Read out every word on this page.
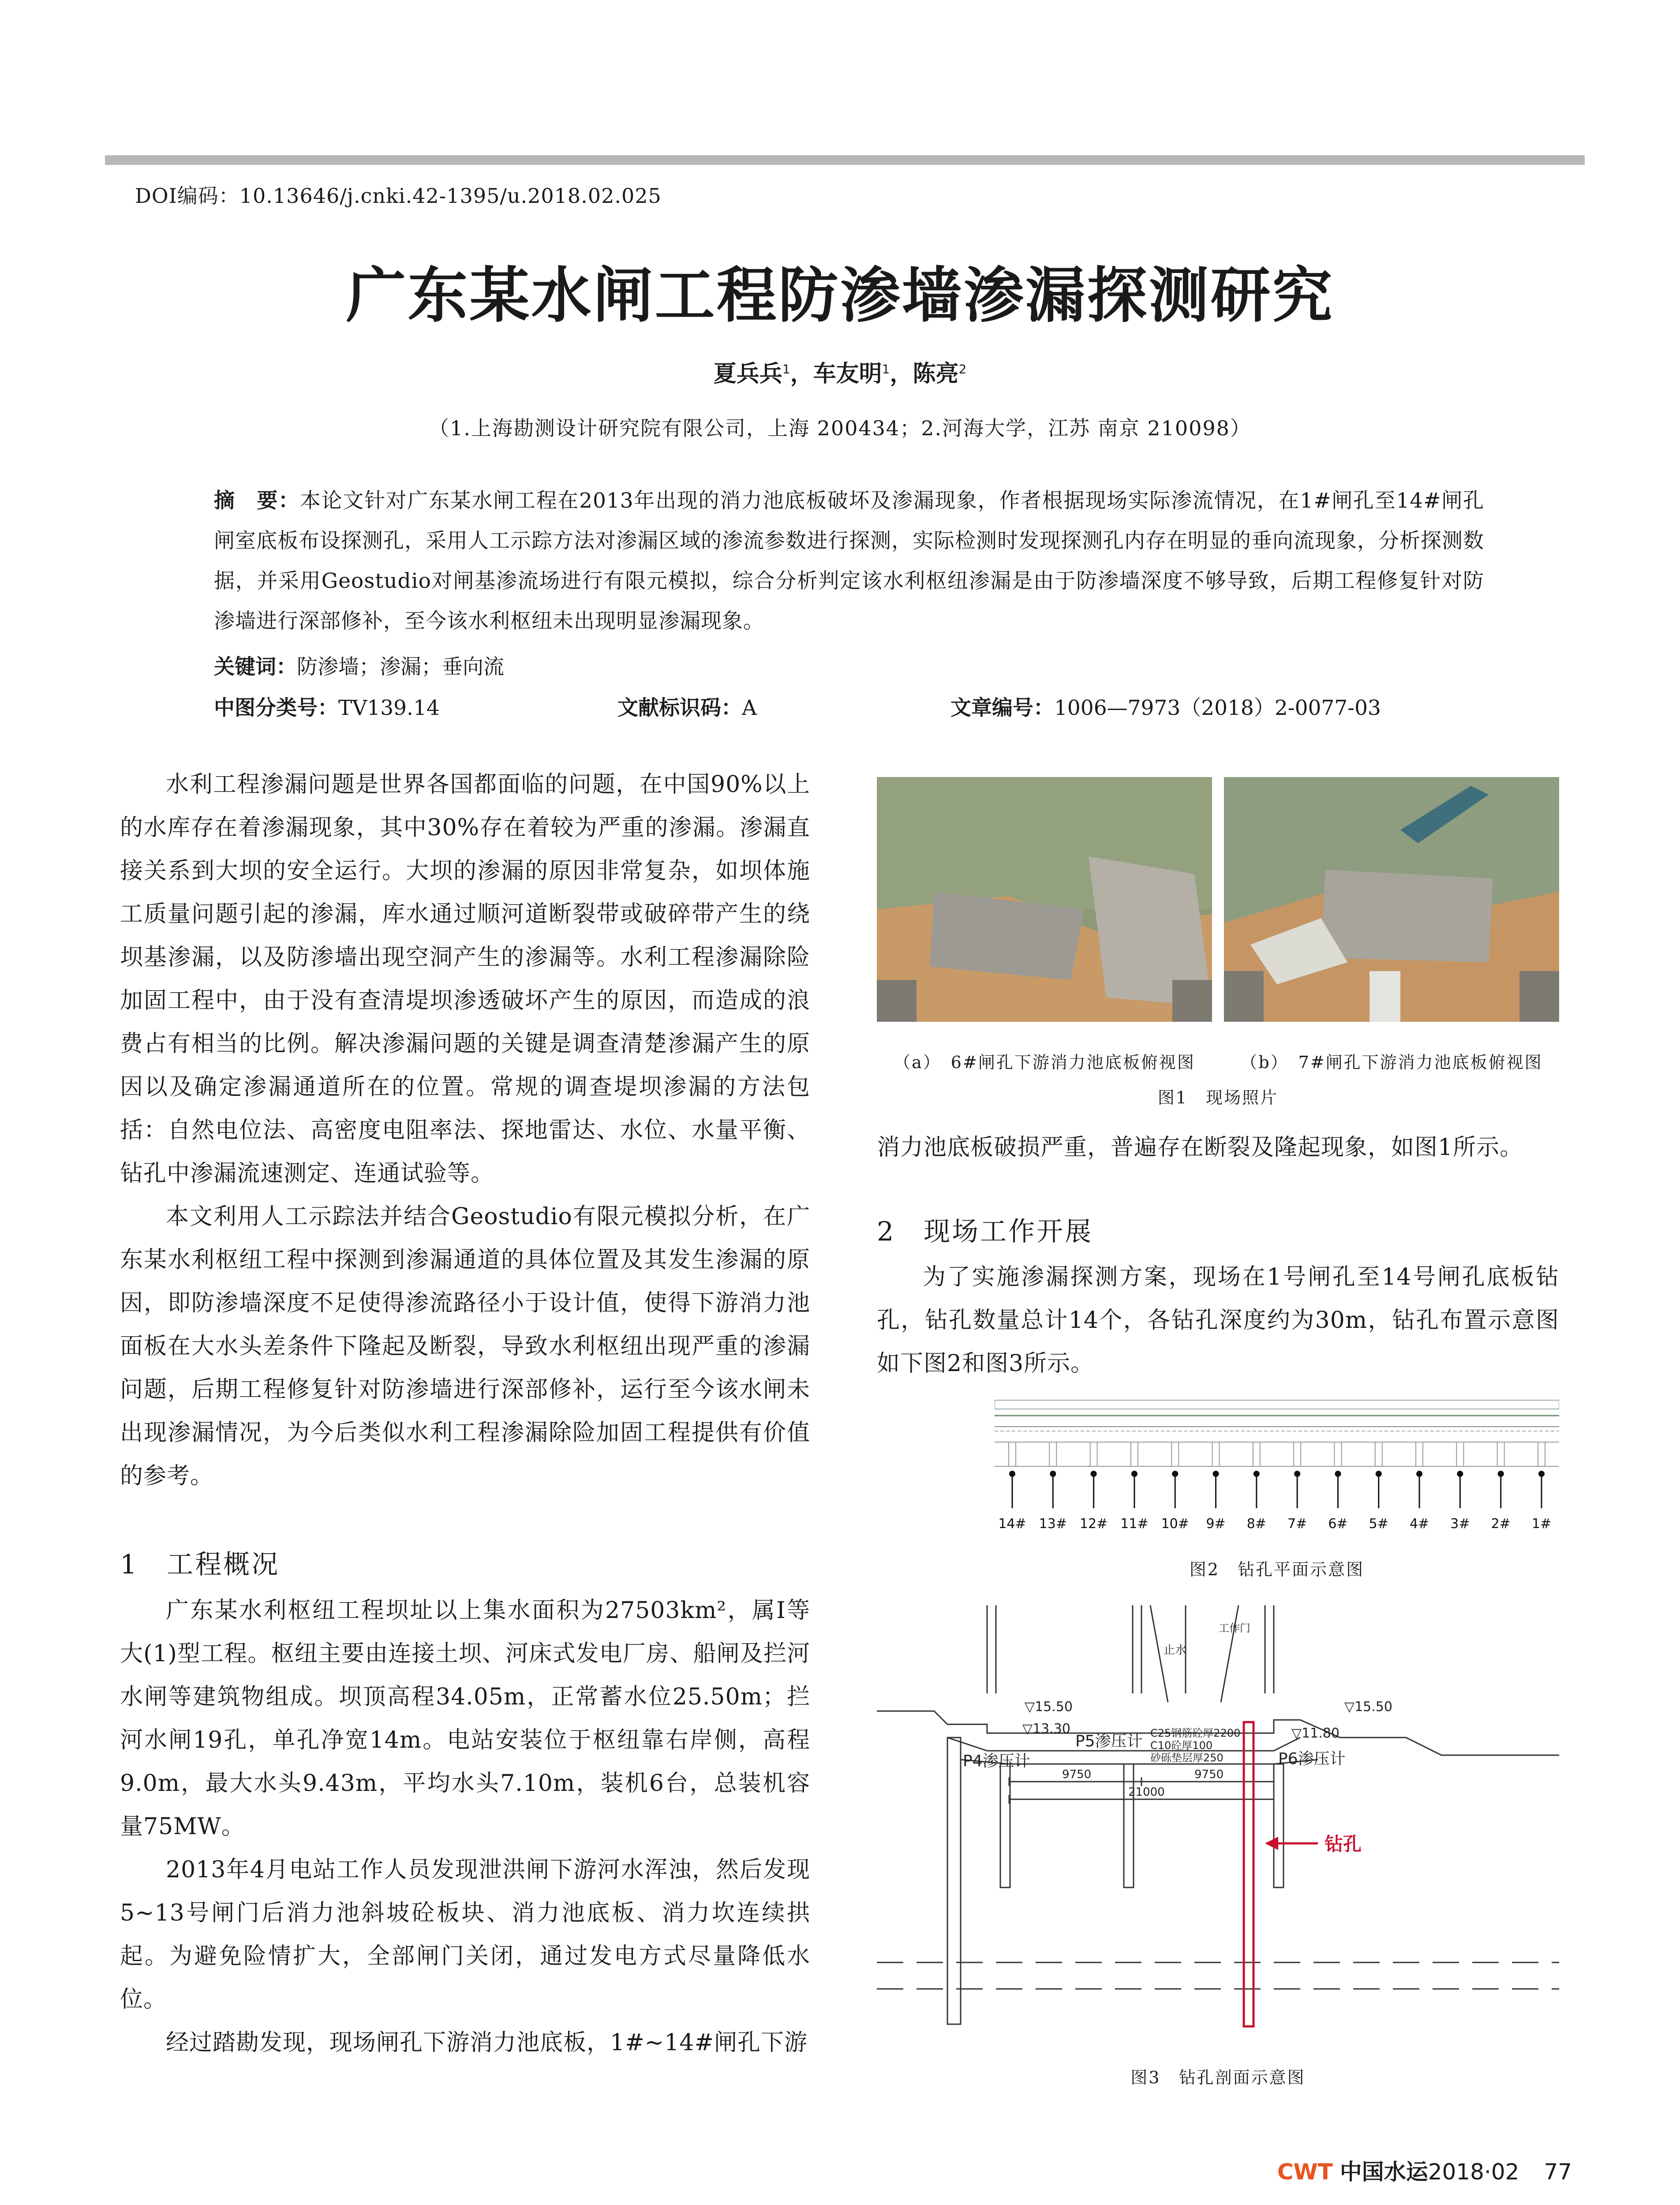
DOI编码：10.13646/j.cnki.42-1395/u.2018.02.025
广东某水闸工程防渗墙渗漏探测研究
夏兵兵$^1$，车友明$^1$，陈亮$^2$
（1.上海勘测设计研究院有限公司，上海 200434；2.河海大学，江苏 南京 210098）
摘　要：本论文针对广东某水闸工程在2013年出现的消力池底板破坏及渗漏现象，作者根据现场实际渗流情况，在1#闸孔至14#闸孔闸室底板布设探测孔，采用人工示踪方法对渗漏区域的渗流参数进行探测，实际检测时发现探测孔内存在明显的垂向流现象，分析探测数据，并采用Geostudio对闸基渗流场进行有限元模拟，综合分析判定该水利枢纽渗漏是由于防渗墙深度不够导致，后期工程修复针对防渗墙进行深部修补，至今该水利枢纽未出现明显渗漏现象。
关键词：防渗墙；渗漏；垂向流
中图分类号：TV139.14	文献标识码：A	文章编号：1006—7973（2018）2-0077-03

水利工程渗漏问题是世界各国都面临的问题，在中国90%以上的水库存在着渗漏现象，其中30%存在着较为严重的渗漏。渗漏直接关系到大坝的安全运行。大坝的渗漏的原因非常复杂，如坝体施工质量问题引起的渗漏，库水通过顺河道断裂带或破碎带产生的绕坝基渗漏，以及防渗墙出现空洞产生的渗漏等。水利工程渗漏除险加固工程中，由于没有查清堤坝渗透破坏产生的原因，而造成的浪费占有相当的比例。解决渗漏问题的关键是调查清楚渗漏产生的原因以及确定渗漏通道所在的位置。常规的调查堤坝渗漏的方法包括：自然电位法、高密度电阻率法、探地雷达、水位、水量平衡、钻孔中渗漏流速测定、连通试验等。

本文利用人工示踪法并结合Geostudio有限元模拟分析，在广东某水利枢纽工程中探测到渗漏通道的具体位置及其发生渗漏的原因，即防渗墙深度不足使得渗流路径小于设计值，使得下游消力池面板在大水头差条件下隆起及断裂，导致水利枢纽出现严重的渗漏问题，后期工程修复针对防渗墙进行深部修补，运行至今该水闸未出现渗漏情况，为今后类似水利工程渗漏除险加固工程提供有价值的参考。

1　工程概况

广东某水利枢纽工程坝址以上集水面积为27503km²，属Ⅰ等大(1)型工程。枢纽主要由连接土坝、河床式发电厂房、船闸及拦河水闸等建筑物组成。坝顶高程34.05m，正常蓄水位25.50m；拦河水闸19孔，单孔净宽14m。电站安装位于枢纽靠右岸侧，高程9.0m，最大水头9.43m，平均水头7.10m，装机6台，总装机容量75MW。

2013年4月电站工作人员发现泄洪闸下游河水浑浊，然后发现5~13号闸门后消力池斜坡砼板块、消力池底板、消力坎连续拱起。为避免险情扩大，全部闸门关闭，通过发电方式尽量降低水位。

经过踏勘发现，现场闸孔下游消力池底板，1#~14#闸孔下游

（a）　6#闸孔下游消力池底板俯视图	（b）　7#闸孔下游消力池底板俯视图
图1　现场照片

消力池底板破损严重，普遍存在断裂及隆起现象，如图1所示。

2　现场工作开展

为了实施渗漏探测方案，现场在1号闸孔至14号闸孔底板钻孔，钻孔数量总计14个，各钻孔深度约为30m，钻孔布置示意图如下图2和图3所示。

14# 13# 12# 11# 10# 9# 8# 7# 6# 5# 4# 3# 2# 1#
图2　钻孔平面示意图
钻孔
▽15.50	▽15.50
▽13.30	▽11.80
P4渗压计
P5渗压计
P6渗压计
C25钢筋砼厚2200
C10砼厚100
砂砾垫层厚250
9750	9750
21000
止水
工作门
图3　钻孔剖面示意图
CWT 中国水运2018·02 77
